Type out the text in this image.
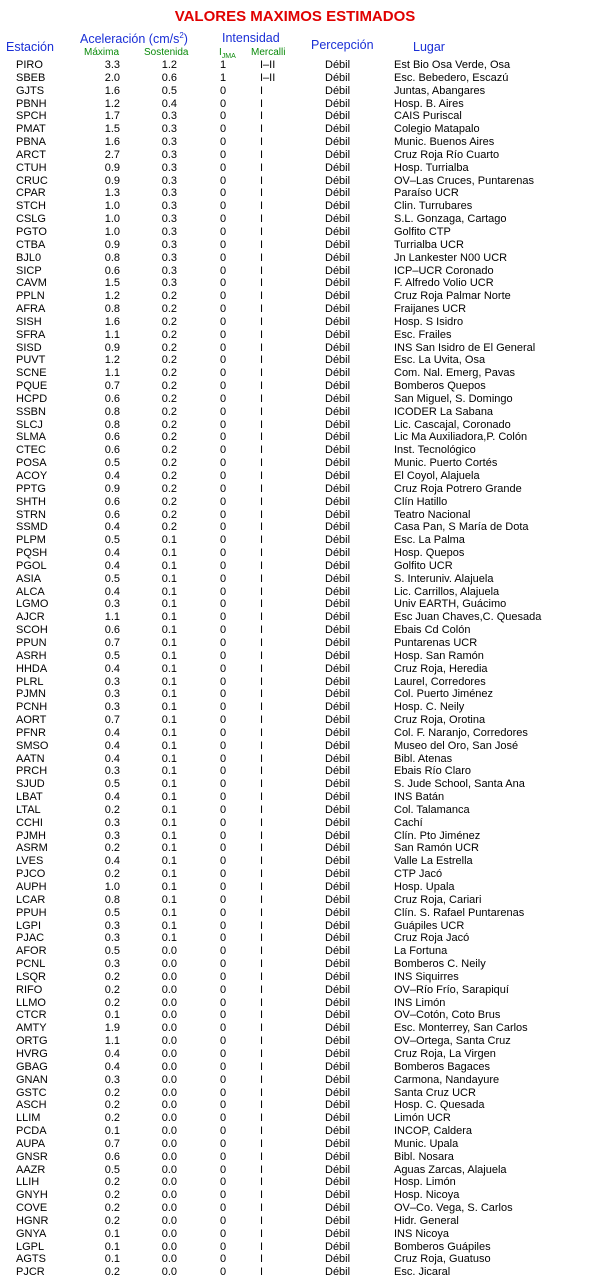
VALORES MAXIMOS ESTIMADOS
Estación
Aceleración $(cm/s^2)$
Máxima Sostenida
Intensidad
$I_{JMA}$ Mercalli
Percepción	Lugar
PIRO	3.3	1.2	1	I–II	Débil	Est Bio Osa Verde, Osa
SBEB	2.0	0.6	1	I–II	Débil	Esc. Bebedero, Escazú
GJTS	1.6	0.5	0	I	Débil	Juntas, Abangares
PBNH	1.2	0.4	0	I	Débil	Hosp. B. Aires
SPCH	1.7	0.3	0	I	Débil	CAIS Puriscal
PMAT	1.5	0.3	0	I	Débil	Colegio Matapalo
PBNA	1.6	0.3	0	I	Débil	Munic. Buenos Aires
ARCT	2.7	0.3	0	I	Débil	Cruz Roja Río Cuarto
CTUH	0.9	0.3	0	I	Débil	Hosp. Turrialba
CRUC	0.9	0.3	0	I	Débil	OV–Las Cruces, Puntarenas
CPAR	1.3	0.3	0	I	Débil	Paraíso UCR
STCH	1.0	0.3	0	I	Débil	Clin. Turrubares
CSLG	1.0	0.3	0	I	Débil	S.L. Gonzaga, Cartago
PGTO	1.0	0.3	0	I	Débil	Golfito CTP
CTBA	0.9	0.3	0	I	Débil	Turrialba UCR
BJL0	0.8	0.3	0	I	Débil	Jn Lankester N00 UCR
SICP	0.6	0.3	0	I	Débil	ICP–UCR Coronado
CAVM	1.5	0.3	0	I	Débil	F. Alfredo Volio UCR
PPLN	1.2	0.2	0	I	Débil	Cruz Roja Palmar Norte
AFRA	0.8	0.2	0	I	Débil	Fraijanes UCR
SISH	1.6	0.2	0	I	Débil	Hosp. S Isidro
SFRA	1.1	0.2	0	I	Débil	Esc. Frailes
SISD	0.9	0.2	0	I	Débil	INS San Isidro de El General
PUVT	1.2	0.2	0	I	Débil	Esc. La Uvita, Osa
SCNE	1.1	0.2	0	I	Débil	Com. Nal. Emerg, Pavas
PQUE	0.7	0.2	0	I	Débil	Bomberos Quepos
HCPD	0.6	0.2	0	I	Débil	San Miguel, S. Domingo
SSBN	0.8	0.2	0	I	Débil	ICODER La Sabana
SLCJ	0.8	0.2	0	I	Débil	Lic. Cascajal, Coronado
SLMA	0.6	0.2	0	I	Débil	Lic Ma Auxiliadora,P. Colón
CTEC	0.6	0.2	0	I	Débil	Inst. Tecnológico
POSA	0.5	0.2	0	I	Débil	Munic. Puerto Cortés
ACOY	0.4	0.2	0	I	Débil	El Coyol, Alajuela
PPTG	0.9	0.2	0	I	Débil	Cruz Roja Potrero Grande
SHTH	0.6	0.2	0	I	Débil	Clín Hatillo
STRN	0.6	0.2	0	I	Débil	Teatro Nacional
SSMD	0.4	0.2	0	I	Débil	Casa Pan, S María de Dota
PLPM	0.5	0.1	0	I	Débil	Esc. La Palma
PQSH	0.4	0.1	0	I	Débil	Hosp. Quepos
PGOL	0.4	0.1	0	I	Débil	Golfito UCR
ASIA	0.5	0.1	0	I	Débil	S. Interuniv. Alajuela
ALCA	0.4	0.1	0	I	Débil	Lic. Carrillos, Alajuela
LGMO	0.3	0.1	0	I	Débil	Univ EARTH, Guácimo
AJCR	1.1	0.1	0	I	Débil	Esc Juan Chaves,C. Quesada
SCOH	0.6	0.1	0	I	Débil	Ebais Cd Colón
PPUN	0.7	0.1	0	I	Débil	Puntarenas UCR
ASRH	0.5	0.1	0	I	Débil	Hosp. San Ramón
HHDA	0.4	0.1	0	I	Débil	Cruz Roja, Heredia
PLRL	0.3	0.1	0	I	Débil	Laurel, Corredores
PJMN	0.3	0.1	0	I	Débil	Col. Puerto Jiménez
PCNH	0.3	0.1	0	I	Débil	Hosp. C. Neily
AORT	0.7	0.1	0	I	Débil	Cruz Roja, Orotina
PFNR	0.4	0.1	0	I	Débil	Col. F. Naranjo, Corredores
SMSO	0.4	0.1	0	I	Débil	Museo del Oro, San José
AATN	0.4	0.1	0	I	Débil	Bibl. Atenas
PRCH	0.3	0.1	0	I	Débil	Ebais Río Claro
SJUD	0.5	0.1	0	I	Débil	S. Jude School, Santa Ana
LBAT	0.4	0.1	0	I	Débil	INS Batán
LTAL	0.2	0.1	0	I	Débil	Col. Talamanca
CCHI	0.3	0.1	0	I	Débil	Cachí
PJMH	0.3	0.1	0	I	Débil	Clín. Pto Jiménez
ASRM	0.2	0.1	0	I	Débil	San Ramón UCR
LVES	0.4	0.1	0	I	Débil	Valle La Estrella
PJCO	0.2	0.1	0	I	Débil	CTP Jacó
AUPH	1.0	0.1	0	I	Débil	Hosp. Upala
LCAR	0.8	0.1	0	I	Débil	Cruz Roja, Cariari
PPUH	0.5	0.1	0	I	Débil	Clín. S. Rafael Puntarenas
LGPI	0.3	0.1	0	I	Débil	Guápiles UCR
PJAC	0.3	0.1	0	I	Débil	Cruz Roja Jacó
AFOR	0.5	0.0	0	I	Débil	La Fortuna
PCNL	0.3	0.0	0	I	Débil	Bomberos C. Neily
LSQR	0.2	0.0	0	I	Débil	INS Siquirres
RIFO	0.2	0.0	0	I	Débil	OV–Río Frío, Sarapiquí
LLMO	0.2	0.0	0	I	Débil	INS Limón
CTCR	0.1	0.0	0	I	Débil	OV–Cotón, Coto Brus
AMTY	1.9	0.0	0	I	Débil	Esc. Monterrey, San Carlos
ORTG	1.1	0.0	0	I	Débil	OV–Ortega, Santa Cruz
HVRG	0.4	0.0	0	I	Débil	Cruz Roja, La Virgen
GBAG	0.4	0.0	0	I	Débil	Bomberos Bagaces
GNAN	0.3	0.0	0	I	Débil	Carmona, Nandayure
GSTC	0.2	0.0	0	I	Débil	Santa Cruz UCR
ASCH	0.2	0.0	0	I	Débil	Hosp. C. Quesada
LLIM	0.2	0.0	0	I	Débil	Limón UCR
PCDA	0.1	0.0	0	I	Débil	INCOP, Caldera
AUPA	0.7	0.0	0	I	Débil	Munic. Upala
GNSR	0.6	0.0	0	I	Débil	Bibl. Nosara
AAZR	0.5	0.0	0	I	Débil	Aguas Zarcas, Alajuela
LLIH	0.2	0.0	0	I	Débil	Hosp. Limón
GNYH	0.2	0.0	0	I	Débil	Hosp. Nicoya
COVE	0.2	0.0	0	I	Débil	OV–Co. Vega, S. Carlos
HGNR	0.2	0.0	0	I	Débil	Hidr. General
GNYA	0.1	0.0	0	I	Débil	INS Nicoya
LGPL	0.1	0.0	0	I	Débil	Bomberos Guápiles
AGTS	0.1	0.0	0	I	Débil	Cruz Roja, Guatuso
PJCR	0.2	0.0	0	I	Débil	Esc. Jicaral
